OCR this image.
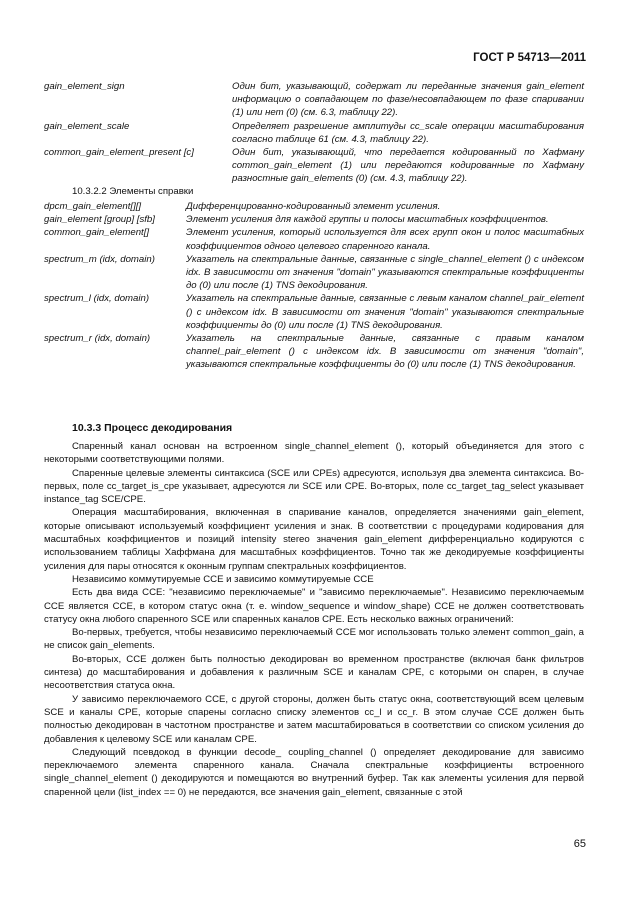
ГОСТ Р 54713—2011
gain_element_sign	Один бит, указывающий, содержат ли переданные значения gain_element информацию о совпадающем по фазе/несовпадающем по фазе спаривании (1) или нет (0) (см. 6.3, таблицу 22).
gain_element_scale	Определяет разрешение амплитуды cc_scale операции масштабирования согласно таблице 61 (см. 4.3, таблицу 22).
common_gain_element_present [c]	Один бит, указывающий, что передается кодированный по Хафману common_gain_element (1) или передаются кодированные по Хафману разностные gain_elements (0) (см. 4.3, таблицу 22).
10.3.2.2 Элементы справки
dpcm_gain_element[][]	Дифференцированно-кодированный элемент усиления.
gain_element [group] [sfb]	Элемент усиления для каждой группы и полосы масштабных коэффициентов.
common_gain_element[]	Элемент усиления, который используется для всех групп окон и полос масштабных коэффициентов одного целевого спаренного канала.
spectrum_m (idx, domain)	Указатель на спектральные данные, связанные с single_channel_element () с индексом idx. В зависимости от значения "domain" указываются спектральные коэффициенты до (0) или после (1) TNS декодирования.
spectrum_l (idx, domain)	Указатель на спектральные данные, связанные с левым каналом channel_pair_element () с индексом idx. В зависимости от значения "domain" указываются спектральные коэффициенты до (0) или после (1) TNS декодирования.
spectrum_r (idx, domain)	Указатель на спектральные данные, связанные с правым каналом channel_pair_element () с индексом idx. В зависимости от значения "domain", указываются спектральные коэффициенты до (0) или после (1) TNS декодирования.
10.3.3 Процесс декодирования

Спаренный канал основан на встроенном single_channel_element (), который объединяется для этого с некоторыми соответствующими полями.

Спаренные целевые элементы синтаксиса (SCE или CPEs) адресуются, используя два элемента синтаксиса. Во-первых, поле cc_target_is_cpe указывает, адресуются ли SCE или CPE. Во-вторых, поле cc_target_tag_select указывает instance_tag SCE/CPE.

Операция масштабирования, включенная в спаривание каналов, определяется значениями gain_element, которые описывают используемый коэффициент усиления и знак. В соответствии с процедурами кодирования для масштабных коэффициентов и позиций intensity stereo значения gain_element дифференциально кодируются с использованием таблицы Хаффмана для масштабных коэффициентов. Точно так же декодируемые коэффициенты усиления для пары относятся к оконным группам спектральных коэффициентов.

Независимо коммутируемые CCE и зависимо коммутируемые CCE

Есть два вида CCE: "независимо переключаемые" и "зависимо переключаемые". Независимо переключаемым CCE является CCE, в котором статус окна (т. е. window_sequence и window_shape) CCE не должен соответствовать статусу окна любого спаренного SCE или спаренных каналов CPE. Есть несколько важных ограничений:

Во-первых, требуется, чтобы независимо переключаемый CCE мог использовать только элемент common_gain, а не список gain_elements.

Во-вторых, CCE должен быть полностью декодирован во временном пространстве (включая банк фильтров синтеза) до масштабирования и добавления к различным SCE и каналам CPE, с которыми он спарен, в случае несоответствия статуса окна.

У зависимо переключаемого CCE, с другой стороны, должен быть статус окна, соответствующий всем целевым SCE и каналы CPE, которые спарены согласно списку элементов cc_l и cc_r. В этом случае CCE должен быть полностью декодирован в частотном пространстве и затем масштабироваться в соответствии со списком усиления до добавления к целевому SCE или каналам CPE.

Следующий псевдокод в функции decode_ coupling_channel () определяет декодирование для зависимо переключаемого элемента спаренного канала. Сначала спектральные коэффициенты встроенного single_channel_element () декодируются и помещаются во внутренний буфер. Так как элементы усиления для первой спаренной цели (list_index == 0) не передаются, все значения gain_element, связанные с этой

65
